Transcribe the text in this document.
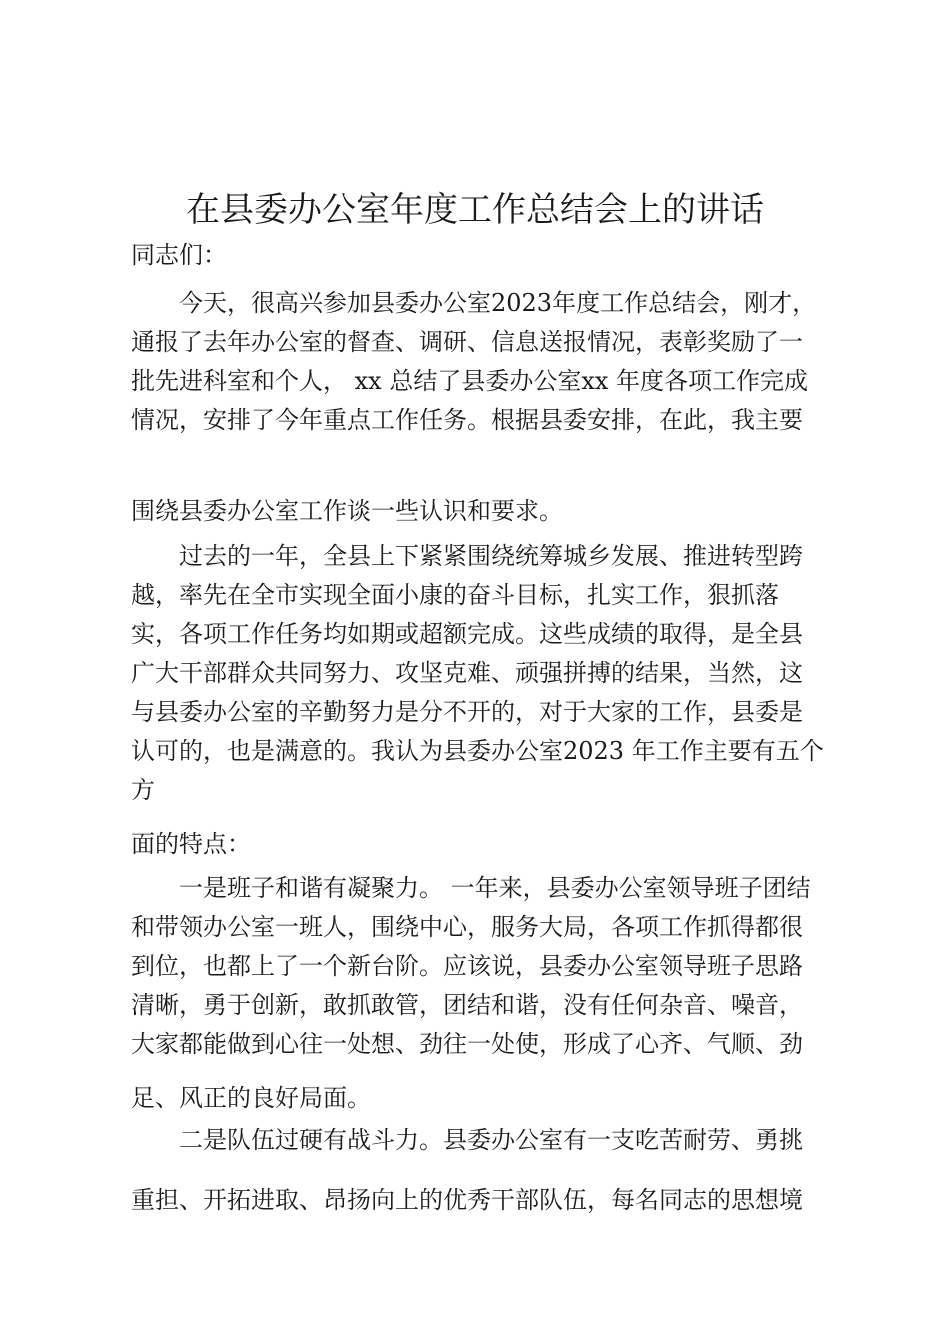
在县委办公室年度工作总结会上的讲话

同志们：

今天，很高兴参加县委办公室2023年度工作总结会，刚才， 通报了去年办公室的督查、调研、信息送报情况，表彰奖励了一 批先进科室和个人， xx 总结了县委办公室xx 年度各项工作完成 情况，安排了今年重点工作任务。根据县委安排，在此，我主要

围绕县委办公室工作谈一些认识和要求。

过去的一年，全县上下紧紧围绕统筹城乡发展、推进转型跨越，率先在全市实现全面小康的奋斗目标，扎实工作，狠抓落实，各项工作任务均如期或超额完成。这些成绩的取得，是全县广大干部群众共同努力、攻坚克难、顽强拼搏的结果，当然，这与县委办公室的辛勤努力是分不开的，对于大家的工作，县委是认可的，也是满意的。我认为县委办公室2023 年工作主要有五个方

面的特点：

一是班子和谐有凝聚力。 一年来，县委办公室领导班子团结和带领办公室一班人，围绕中心，服务大局，各项工作抓得都很到位，也都上了一个新台阶。应该说，县委办公室领导班子思路清晰，勇于创新，敢抓敢管，团结和谐，没有任何杂音、噪音，大家都能做到心往一处想、劲往一处使，形成了心齐、气顺、劲

足、风正的良好局面。

二是队伍过硬有战斗力。县委办公室有一支吃苦耐劳、勇挑

重担、开拓进取、昂扬向上的优秀干部队伍，每名同志的思想境
